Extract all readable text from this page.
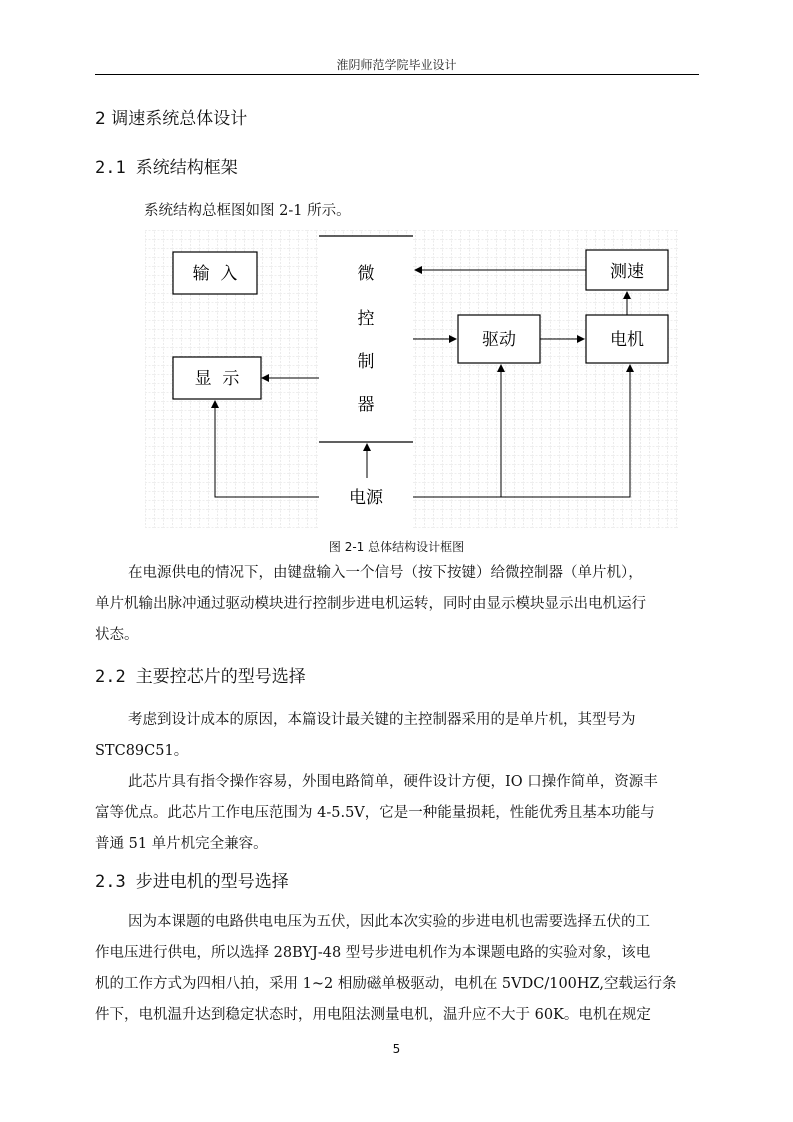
淮阴师范学院毕业设计
2 调速系统总体设计
2.1 系统结构框架
系统结构总框图如图 2-1 所示。
输  入
显  示
测速
驱动	电机
微
控
制
器
电源
图 2-1 总体结构设计框图
在电源供电的情况下，由键盘输入一个信号（按下按键）给微控制器（单片机），
单片机输出脉冲通过驱动模块进行控制步进电机运转，同时由显示模块显示出电机运行
状态。
2.2 主要控芯片的型号选择
考虑到设计成本的原因，本篇设计最关键的主控制器采用的是单片机，其型号为
STC89C51。
此芯片具有指令操作容易，外围电路简单，硬件设计方便，IO 口操作简单，资源丰
富等优点。此芯片工作电压范围为 4-5.5V，它是一种能量损耗，性能优秀且基本功能与
普通 51 单片机完全兼容。
2.3 步进电机的型号选择
因为本课题的电路供电电压为五伏，因此本次实验的步进电机也需要选择五伏的工
作电压进行供电，所以选择 28BYJ-48 型号步进电机作为本课题电路的实验对象，该电
机的工作方式为四相八拍，采用 1~2 相励磁单极驱动，电机在 5VDC/100HZ,空载运行条
件下，电机温升达到稳定状态时，用电阻法测量电机，温升应不大于 60K。电机在规定
5
